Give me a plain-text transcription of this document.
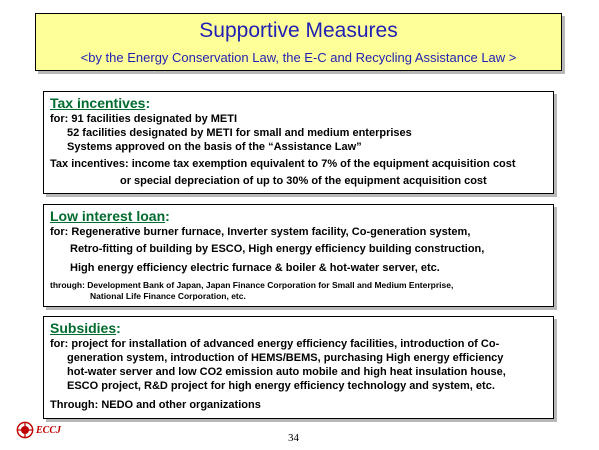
Supportive Measures
<by the Energy Conservation Law, the E-C and Recycling Assistance Law >
Tax incentives:
for: 91 facilities designated by METI
52 facilities designated by METI for small and medium enterprises
Systems approved on the basis of the “Assistance Law”
Tax incentives: income tax exemption equivalent to 7% of the equipment acquisition cost
or special depreciation of up to 30% of the equipment acquisition cost
Low interest loan:
for: Regenerative burner furnace, Inverter system facility, Co-generation system,
Retro-fitting of building by ESCO, High energy efficiency building construction,
High energy efficiency electric furnace & boiler & hot-water server, etc.
through: Development Bank of Japan, Japan Finance Corporation for Small and Medium Enterprise,
National Life Finance Corporation, etc.
Subsidies:
for: project for installation of advanced energy efficiency facilities, introduction of Co-
generation system, introduction of HEMS/BEMS, purchasing High energy efficiency
hot-water server and low CO2 emission auto mobile and high heat insulation house,
ESCO project, R&D project for high energy efficiency technology and system, etc.
Through: NEDO and other organizations
ECCJ
34
